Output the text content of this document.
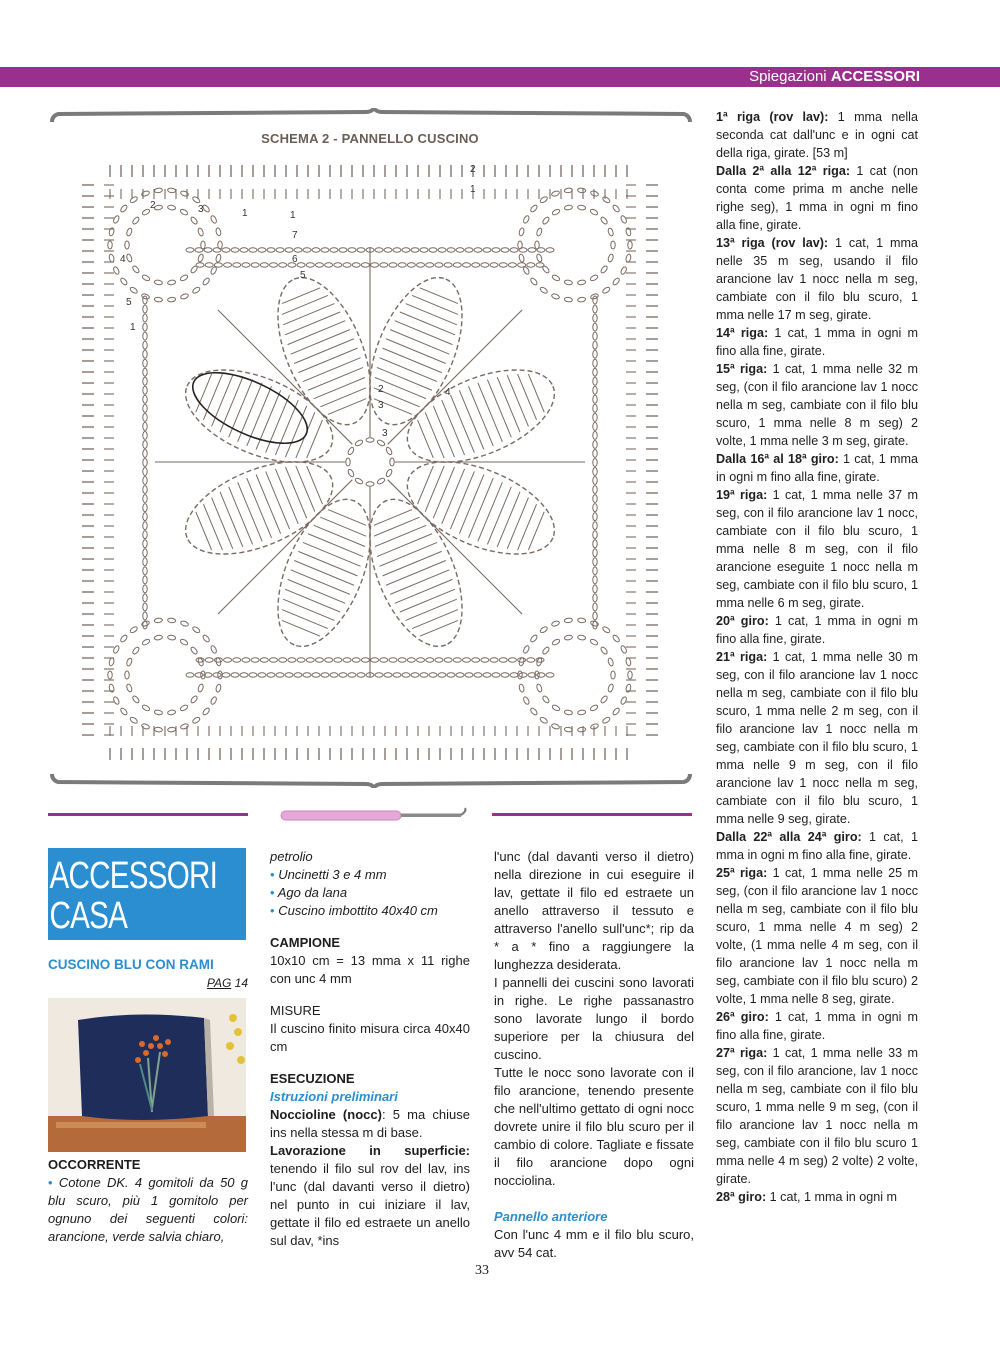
Spiegazioni ACCESSORI
SCHEMA 2 - PANNELLO CUSCINO
2
1
1
7
6
5
4
5
3	1
4
3
2
3
2
1

1ª riga (rov lav): 1 mma nella seconda cat dall'unc e in ogni cat della riga, girate. [53 m]

Dalla 2ª alla 12ª riga: 1 cat (non conta come prima m anche nelle righe seg), 1 mma in ogni m fino alla fine, girate.

13ª riga (rov lav): 1 cat, 1 mma nelle 35 m seg, usando il filo arancione lav 1 nocc nella m seg, cambiate con il filo blu scuro, 1 mma nelle 17 m seg, girate.

14ª riga: 1 cat, 1 mma in ogni m fino alla fine, girate.

15ª riga: 1 cat, 1 mma nelle 32 m seg, (con il filo arancione lav 1 nocc nella m seg, cambiate con il filo blu scuro, 1 mma nelle 8 m seg) 2 volte, 1 mma nelle 3 m seg, girate.

Dalla 16ª al 18ª giro: 1 cat, 1 mma in ogni m fino alla fine, girate.

19ª riga: 1 cat, 1 mma nelle 37 m seg, con il filo arancione lav 1 nocc, cambiate con il filo blu scuro, 1 mma nelle 8 m seg, con il filo arancione eseguite 1 nocc nella m seg, cambiate con il filo blu scuro, 1 mma nelle 6 m seg, girate.

20ª giro: 1 cat, 1 mma in ogni m fino alla fine, girate.

21ª riga: 1 cat, 1 mma nelle 30 m seg, con il filo arancione lav 1 nocc nella m seg, cambiate con il filo blu scuro, 1 mma nelle 2 m seg, con il filo arancione lav 1 nocc nella m seg, cambiate con il filo blu scuro, 1 mma nelle 9 m seg, con il filo arancione lav 1 nocc nella m seg, cambiate con il filo blu scuro, 1 mma nelle 9 seg, girate.

Dalla 22ª alla 24ª giro: 1 cat, 1 mma in ogni m fino alla fine, girate.

25ª riga: 1 cat, 1 mma nelle 25 m seg, (con il filo arancione lav 1 nocc nella m seg, cambiate con il filo blu scuro, 1 mma nelle 4 m seg) 2 volte, (1 mma nelle 4 m seg, con il filo arancione lav 1 nocc nella m seg, cambiate con il filo blu scuro) 2 volte, 1 mma nelle 8 seg, girate.

26ª giro: 1 cat, 1 mma in ogni m fino alla fine, girate.

27ª riga: 1 cat, 1 mma nelle 33 m seg, con il filo arancione, lav 1 nocc nella m seg, cambiate con il filo blu scuro, 1 mma nelle 9 m seg, (con il filo arancione lav 1 nocc nella m seg, cambiate con il filo blu scuro 1 mma nelle 4 m seg) 2 volte) 2 volte, girate.

28ª giro: 1 cat, 1 mma in ogni m

ACCESSORI
CASA

CUSCINO BLU CON RAMI

PAG 14

OCCORRENTE

• Cotone DK. 4 gomitoli da 50 g blu scuro, più 1 gomitolo per ognuno dei seguenti colori: arancione, verde salvia chiaro,

petrolio

• Uncinetti 3 e 4 mm

• Ago da lana

• Cuscino imbottito 40x40 cm

CAMPIONE

10x10 cm = 13 mma x 11 righe con unc 4 mm

MISURE

Il cuscino finito misura circa 40x40 cm

ESECUZIONE

Istruzioni preliminari

Noccioline (nocc): 5 ma chiuse ins nella stessa m di base.

Lavorazione in superficie: tenendo il filo sul rov del lav, ins l'unc (dal davanti verso il dietro) nel punto in cui iniziare il lav, gettate il filo ed estraete un anello sul dav, *ins

l'unc (dal davanti verso il dietro) nella direzione in cui eseguire il lav, gettate il filo ed estraete un anello attraverso il tessuto e attraverso l'anello sull'unc*; rip da * a * fino a raggiungere la lunghezza desiderata.

I pannelli dei cuscini sono lavorati in righe. Le righe passanastro sono lavorate lungo il bordo superiore per la chiusura del cuscino.

Tutte le nocc sono lavorate con il filo arancione, tenendo presente che nell'ultimo gettato di ogni nocc dovrete unire il filo blu scuro per il cambio di colore. Tagliate e fissate il filo arancione dopo ogni nocciolina.

Pannello anteriore

Con l'unc 4 mm e il filo blu scuro, avv 54 cat.

33
